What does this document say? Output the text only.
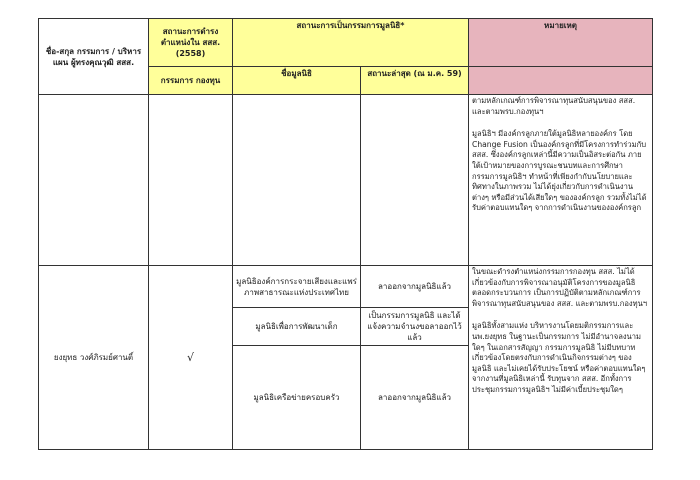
ชื่อ-สกุล กรรมการ / บริหารแผน ผู้ทรงคุณวุฒิ สสส.	สถานะการดำรงตำแหน่งใน สสส. (2558)	สถานะการเป็นกรรมการมูลนิธิ*		หมายเหตุ
	กรรมการ กองทุน	ชื่อมูลนิธิ	สถานะล่าสุด (ณ ม.ค. 59)	

				ตามหลักเกณฑ์การพิจารณาทุนสนับสนุนของ สสส. และตามพรบ.กองทุนฯ

มูลนิธิฯ มีองค์กรลูกภายใต้มูลนิธิหลายองค์กร โดย Change Fusion เป็นองค์กรลูกที่มีโครงการทำร่วมกับ สสส. ซึ่งองค์กรลูกเหล่านี้มีความเป็นอิสระต่อกัน ภายใต้เป้าหมายของการบูรณะชนบทและการศึกษา กรรมการมูลนิธิฯ ทำหน้าที่เพียงกำกับนโยบายและทิศทางในภาพรวม ไม่ได้ยุ่งเกี่ยวกับการดำเนินงานต่างๆ หรือมีส่วนได้เสียใดๆ ขององค์กรลูก รวมทั้งไม่ได้รับค่าตอบแทนใดๆ จากการดำเนินงานขององค์กรลูก

ยงยุทธ วงศ์ภิรมย์ศานติ์	√	มูลนิธิองค์การกระจายเสียงและแพร่ภาพสาธารณะแห่งประเทศไทย	ลาออกจากมูลนิธิแล้ว	ในขณะดำรงตำแหน่งกรรมการกองทุน สสส. ไม่ได้เกี่ยวข้องกับการพิจารณาอนุมัติโครงการของมูลนิธิตลอดกระบวนการ เป็นการปฏิบัติตามหลักเกณฑ์การพิจารณาทุนสนับสนุนของ สสส. และตามพรบ.กองทุนฯ

มูลนิธิทั้งสามแห่ง บริหารงานโดยมติกรรมการและนพ.ยงยุทธ ในฐานะเป็นกรรมการ ไม่มีอำนาจลงนามใดๆ ในเอกสารสัญญา กรรมการมูลนิธิ ไม่มีบทบาทเกี่ยวข้องโดยตรงกับการดำเนินกิจกรรมต่างๆ ของมูลนิธิ และไม่เคยได้รับประโยชน์ หรือค่าตอบแทนใดๆ จากงานที่มูลนิธิเหล่านี้ รับทุนจาก สสส. อีกทั้งการประชุมกรรมการมูลนิธิฯ ไม่มีค่าเบี้ยประชุมใดๆ

		มูลนิธิเพื่อการพัฒนาเด็ก	เป็นกรรมการมูลนิธิ และได้แจ้งความจำนงขอลาออกไว้แล้ว	
		มูลนิธิเครือข่ายครอบครัว	ลาออกจากมูลนิธิแล้ว	
